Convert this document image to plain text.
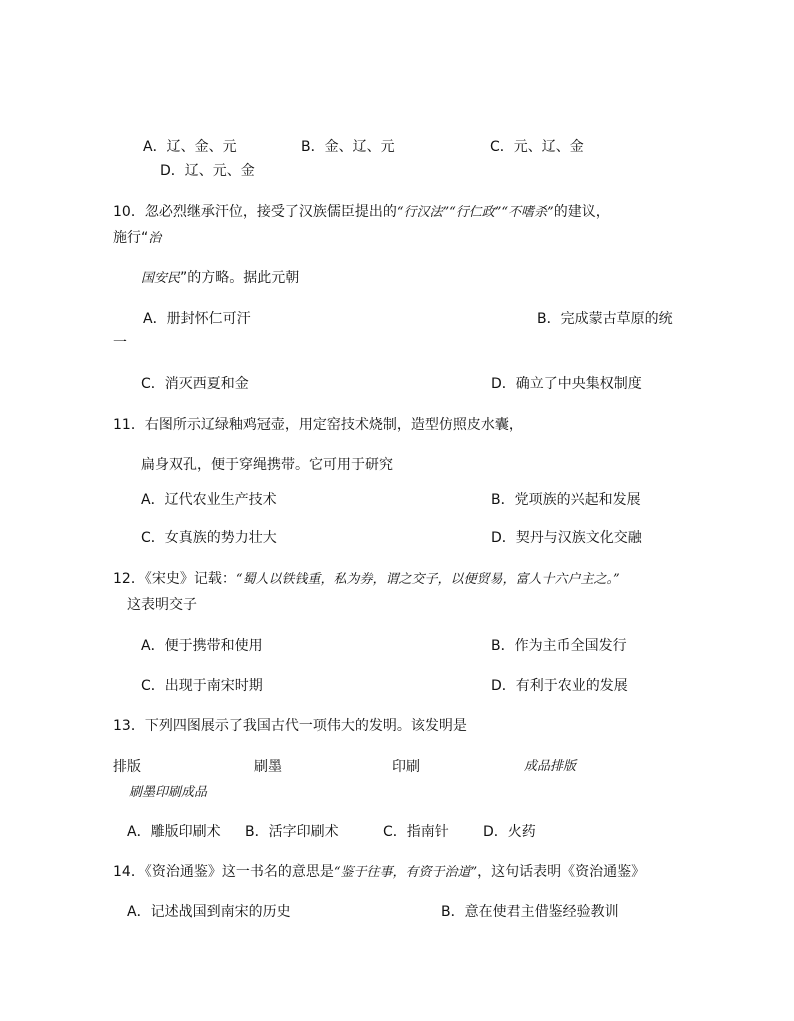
A．辽、金、元	B．金、辽、元	C．元、辽、金
D．辽、元、金
10．忽必烈继承汗位，接受了汉族儒臣提出的“行汉法”“行仁政”“不嗜杀”的建议，
施行“治
国安民”的方略。据此元朝
A．册封怀仁可汗	B．完成蒙古草原的统
一
C．消灭西夏和金	D．确立了中央集权制度
11．右图所示辽绿釉鸡冠壶，用定窑技术烧制，造型仿照皮水囊，
扁身双孔，便于穿绳携带。它可用于研究
A．辽代农业生产技术	B．党项族的兴起和发展
C．女真族的势力壮大	D．契丹与汉族文化交融
12．《宋史》记载：“蜀人以铁钱重，私为券，谓之交子，以便贸易，富人十六户主之。”
这表明交子
A．便于携带和使用	B．作为主币全国发行
C．出现于南宋时期	D．有利于农业的发展
13．下列四图展示了我国古代一项伟大的发明。该发明是
排版	刷墨	印刷	成品排版
刷墨印刷成品
A．雕版印刷术 B．活字印刷术	C．指南针 D．火药
14．《资治通鉴》这一书名的意思是“鉴于往事，有资于治道”，这句话表明《资治通鉴》
A．记述战国到南宋的历史	B．意在使君主借鉴经验教训
